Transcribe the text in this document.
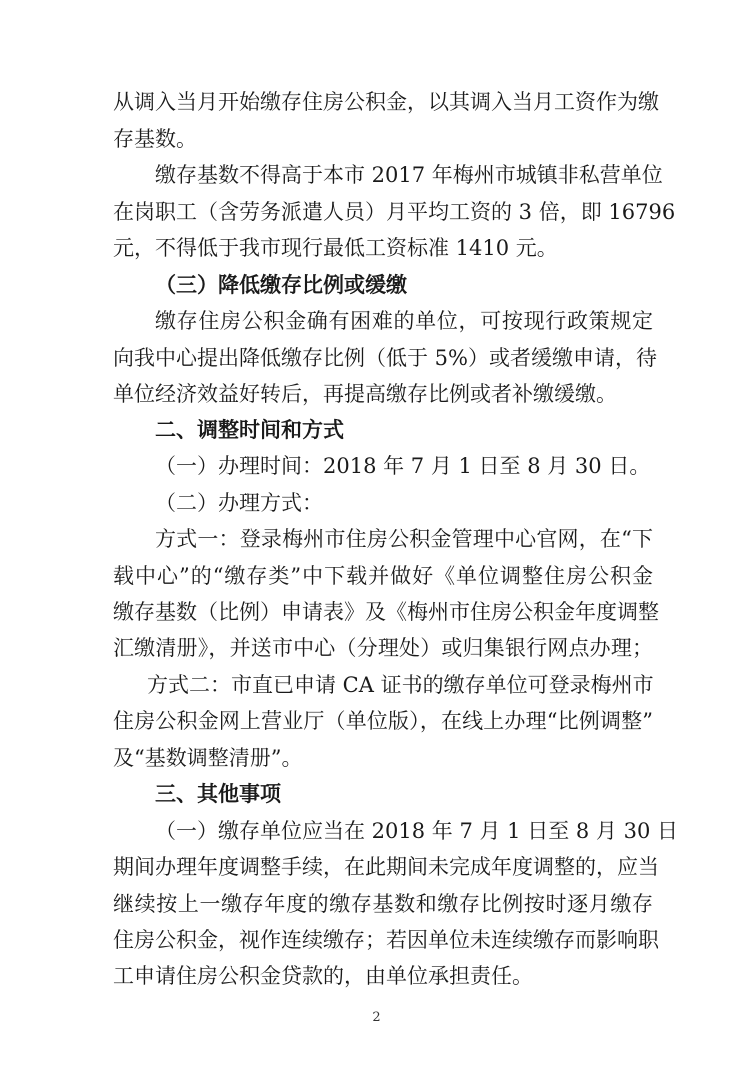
从调入当月开始缴存住房公积金，以其调入当月工资作为缴
存基数。
缴存基数不得高于本市 2017 年梅州市城镇非私营单位
在岗职工（含劳务派遣人员）月平均工资的 3 倍，即 16796
元，不得低于我市现行最低工资标准 1410 元。
（三）降低缴存比例或缓缴
缴存住房公积金确有困难的单位，可按现行政策规定
向我中心提出降低缴存比例（低于 5%）或者缓缴申请，待
单位经济效益好转后，再提高缴存比例或者补缴缓缴。
二、调整时间和方式
（一）办理时间：2018 年 7 月 1 日至 8 月 30 日。
（二）办理方式：
方式一：登录梅州市住房公积金管理中心官网，在“下
载中心”的“缴存类”中下载并做好《单位调整住房公积金
缴存基数（比例）申请表》及《梅州市住房公积金年度调整
汇缴清册》，并送市中心（分理处）或归集银行网点办理；
方式二：市直已申请 CA 证书的缴存单位可登录梅州市
住房公积金网上营业厅（单位版），在线上办理“比例调整”
及“基数调整清册”。
三、其他事项
（一）缴存单位应当在 2018 年 7 月 1 日至 8 月 30 日
期间办理年度调整手续，在此期间未完成年度调整的，应当
继续按上一缴存年度的缴存基数和缴存比例按时逐月缴存
住房公积金，视作连续缴存；若因单位未连续缴存而影响职
工申请住房公积金贷款的，由单位承担责任。
2
